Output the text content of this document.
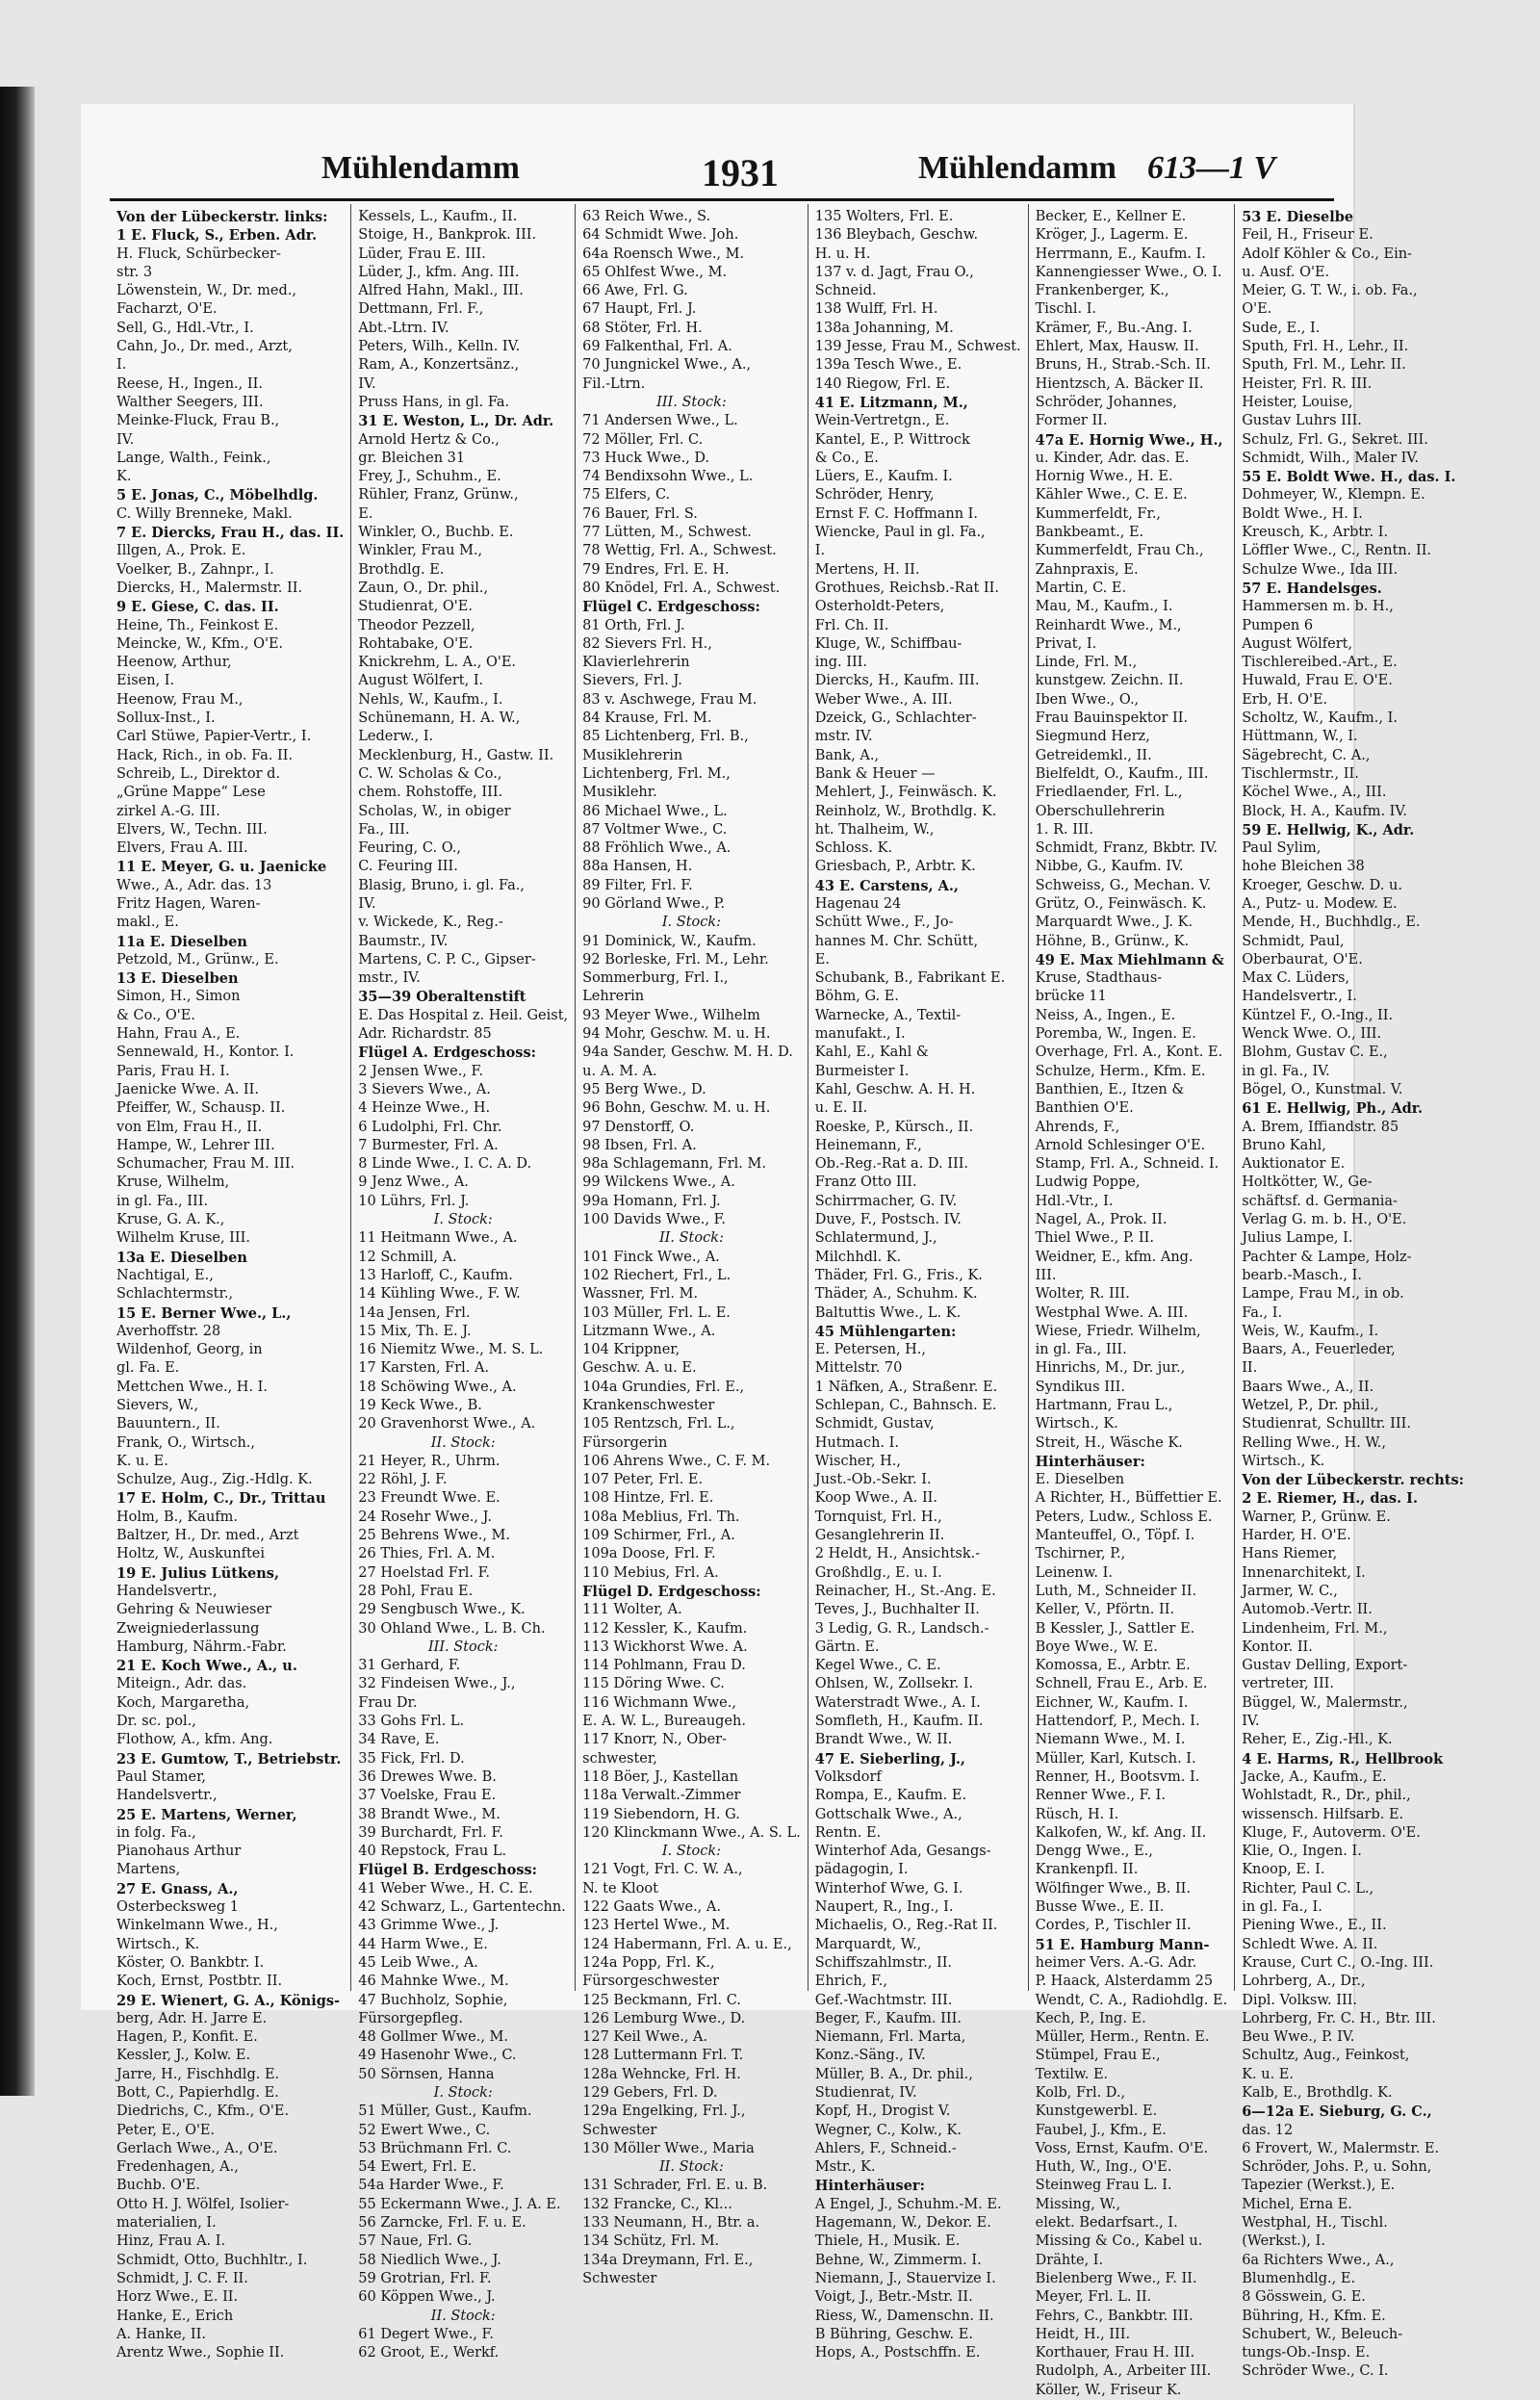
Mühlendamm	1931	Mühlendamm 613—1 V
Von der Lübeckerstr. links:
1 E. Fluck, S., Erben. Adr.
H. Fluck, Schürbecker-
str. 3
Löwenstein, W., Dr. med.,
Facharzt, O'E.
Sell, G., Hdl.-Vtr., I.
Cahn, Jo., Dr. med., Arzt,
I.
Reese, H., Ingen., II.
Walther Seegers, III.
Meinke-Fluck, Frau B.,
IV.
Lange, Walth., Feink.,
K.
5 E. Jonas, C., Möbelhdlg.
C. Willy Brenneke, Makl.
7 E. Diercks, Frau H., das. II.
Illgen, A., Prok. E.
Voelker, B., Zahnpr., I.
Diercks, H., Malermstr. II.
9 E. Giese, C. das. II.
Heine, Th., Feinkost E.
Meincke, W., Kfm., O'E.
Heenow, Arthur,
Eisen, I.
Heenow, Frau M.,
Sollux-Inst., I.
Carl Stüwe, Papier-Vertr., I.
Hack, Rich., in ob. Fa. II.
Schreib, L., Direktor d.
„Grüne Mappe“ Lese
zirkel A.-G. III.
Elvers, W., Techn. III.
Elvers, Frau A. III.
11 E. Meyer, G. u. Jaenicke
Wwe., A., Adr. das. 13
Fritz Hagen, Waren-
makl., E.
11a E. Dieselben
Petzold, M., Grünw., E.
13 E. Dieselben
Simon, H., Simon
& Co., O'E.
Hahn, Frau A., E.
Sennewald, H., Kontor. I.
Paris, Frau H. I.
Jaenicke Wwe. A. II.
Pfeiffer, W., Schausp. II.
von Elm, Frau H., II.
Hampe, W., Lehrer III.
Schumacher, Frau M. III.
Kruse, Wilhelm,
in gl. Fa., III.
Kruse, G. A. K.,
Wilhelm Kruse, III.
13a E. Dieselben
Nachtigal, E.,
Schlachtermstr.,
15 E. Berner Wwe., L.,
Averhoffstr. 28
Wildenhof, Georg, in
gl. Fa. E.
Mettchen Wwe., H. I.
Sievers, W.,
Bauuntern., II.
Frank, O., Wirtsch.,
K. u. E.
Schulze, Aug., Zig.-Hdlg. K.
17 E. Holm, C., Dr., Trittau
Holm, B., Kaufm.
Baltzer, H., Dr. med., Arzt
Holtz, W., Auskunftei
19 E. Julius Lütkens,
Handelsvertr.,
Gehring & Neuwieser
Zweigniederlassung
Hamburg, Nährm.-Fabr.
21 E. Koch Wwe., A., u.
Miteign., Adr. das.
Koch, Margaretha,
Dr. sc. pol.,
Flothow, A., kfm. Ang.
23 E. Gumtow, T., Betriebstr.
Paul Stamer,
Handelsvertr.,
25 E. Martens, Werner,
in folg. Fa.,
Pianohaus Arthur
Martens,
27 E. Gnass, A.,
Osterbecksweg 1
Winkelmann Wwe., H.,
Wirtsch., K.
Köster, O. Bankbtr. I.
Koch, Ernst, Postbtr. II.
29 E. Wienert, G. A., Königs-
berg, Adr. H. Jarre E.
Hagen, P., Konfit. E.
Kessler, J., Kolw. E.
Jarre, H., Fischhdlg. E.
Bott, C., Papierhdlg. E.
Diedrichs, C., Kfm., O'E.
Peter, E., O'E.
Gerlach Wwe., A., O'E.
Fredenhagen, A.,
Buchb. O'E.
Otto H. J. Wölfel, Isolier-
materialien, I.
Hinz, Frau A. I.
Schmidt, Otto, Buchhltr., I.
Schmidt, J. C. F. II.
Horz Wwe., E. II.
Hanke, E., Erich
A. Hanke, II.
Arentz Wwe., Sophie II.
Kessels, L., Kaufm., II.
Stoige, H., Bankprok. III.
Lüder, Frau E. III.
Lüder, J., kfm. Ang. III.
Alfred Hahn, Makl., III.
Dettmann, Frl. F.,
Abt.-Ltrn. IV.
Peters, Wilh., Kelln. IV.
Ram, A., Konzertsänz.,
IV.
Pruss Hans, in gl. Fa.
31 E. Weston, L., Dr. Adr.
Arnold Hertz & Co.,
gr. Bleichen 31
Frey, J., Schuhm., E.
Rühler, Franz, Grünw.,
E.
Winkler, O., Buchb. E.
Winkler, Frau M.,
Brothdlg. E.
Zaun, O., Dr. phil.,
Studienrat, O'E.
Theodor Pezzell,
Rohtabake, O'E.
Knickrehm, L. A., O'E.
August Wölfert, I.
Nehls, W., Kaufm., I.
Schünemann, H. A. W.,
Lederw., I.
Mecklenburg, H., Gastw. II.
C. W. Scholas & Co.,
chem. Rohstoffe, III.
Scholas, W., in obiger
Fa., III.
Feuring, C. O.,
C. Feuring III.
Blasig, Bruno, i. gl. Fa.,
IV.
v. Wickede, K., Reg.-
Baumstr., IV.
Martens, C. P. C., Gipser-
mstr., IV.
35—39 Oberaltenstift
E. Das Hospital z. Heil. Geist,
Adr. Richardstr. 85
Flügel A. Erdgeschoss:
2 Jensen Wwe., F.
3 Sievers Wwe., A.
4 Heinze Wwe., H.
6 Ludolphi, Frl. Chr.
7 Burmester, Frl. A.
8 Linde Wwe., I. C. A. D.
9 Jenz Wwe., A.
10 Lührs, Frl. J.
I. Stock:
11 Heitmann Wwe., A.
12 Schmill, A.
13 Harloff, C., Kaufm.
14 Kühling Wwe., F. W.
14a Jensen, Frl.
15 Mix, Th. E. J.
16 Niemitz Wwe., M. S. L.
17 Karsten, Frl. A.
18 Schöwing Wwe., A.
19 Keck Wwe., B.
20 Gravenhorst Wwe., A.
II. Stock:
21 Heyer, R., Uhrm.
22 Röhl, J. F.
23 Freundt Wwe. E.
24 Rosehr Wwe., J.
25 Behrens Wwe., M.
26 Thies, Frl. A. M.
27 Hoelstad Frl. F.
28 Pohl, Frau E.
29 Sengbusch Wwe., K.
30 Ohland Wwe., L. B. Ch.
III. Stock:
31 Gerhard, F.
32 Findeisen Wwe., J.,
Frau Dr.
33 Gohs Frl. L.
34 Rave, E.
35 Fick, Frl. D.
36 Drewes Wwe. B.
37 Voelske, Frau E.
38 Brandt Wwe., M.
39 Burchardt, Frl. F.
40 Repstock, Frau L.
Flügel B. Erdgeschoss:
41 Weber Wwe., H. C. E.
42 Schwarz, L., Gartentechn.
43 Grimme Wwe., J.
44 Harm Wwe., E.
45 Leib Wwe., A.
46 Mahnke Wwe., M.
47 Buchholz, Sophie,
Fürsorgepfleg.
48 Gollmer Wwe., M.
49 Hasenohr Wwe., C.
50 Sörnsen, Hanna
I. Stock:
51 Müller, Gust., Kaufm.
52 Ewert Wwe., C.
53 Brüchmann Frl. C.
54 Ewert, Frl. E.
54a Harder Wwe., F.
55 Eckermann Wwe., J. A. E.
56 Zarncke, Frl. F. u. E.
57 Naue, Frl. G.
58 Niedlich Wwe., J.
59 Grotrian, Frl. F.
60 Köppen Wwe., J.
II. Stock:
61 Degert Wwe., F.
62 Groot, E., Werkf.
63 Reich Wwe., S.
64 Schmidt Wwe. Joh.
64a Roensch Wwe., M.
65 Ohlfest Wwe., M.
66 Awe, Frl. G.
67 Haupt, Frl. J.
68 Stöter, Frl. H.
69 Falkenthal, Frl. A.
70 Jungnickel Wwe., A.,
Fil.-Ltrn.
III. Stock:
71 Andersen Wwe., L.
72 Möller, Frl. C.
73 Huck Wwe., D.
74 Bendixsohn Wwe., L.
75 Elfers, C.
76 Bauer, Frl. S.
77 Lütten, M., Schwest.
78 Wettig, Frl. A., Schwest.
79 Endres, Frl. E. H.
80 Knödel, Frl. A., Schwest.
Flügel C. Erdgeschoss:
81 Orth, Frl. J.
82 Sievers Frl. H.,
Klavierlehrerin
Sievers, Frl. J.
83 v. Aschwege, Frau M.
84 Krause, Frl. M.
85 Lichtenberg, Frl. B.,
Musiklehrerin
Lichtenberg, Frl. M.,
Musiklehr.
86 Michael Wwe., L.
87 Voltmer Wwe., C.
88 Fröhlich Wwe., A.
88a Hansen, H.
89 Filter, Frl. F.
90 Görland Wwe., P.
I. Stock:
91 Dominick, W., Kaufm.
92 Borleske, Frl. M., Lehr.
Sommerburg, Frl. I.,
Lehrerin
93 Meyer Wwe., Wilhelm
94 Mohr, Geschw. M. u. H.
94a Sander, Geschw. M. H. D.
u. A. M. A.
95 Berg Wwe., D.
96 Bohn, Geschw. M. u. H.
97 Denstorff, O.
98 Ibsen, Frl. A.
98a Schlagemann, Frl. M.
99 Wilckens Wwe., A.
99a Homann, Frl. J.
100 Davids Wwe., F.
II. Stock:
101 Finck Wwe., A.
102 Riechert, Frl., L.
Wassner, Frl. M.
103 Müller, Frl. L. E.
Litzmann Wwe., A.
104 Krippner,
Geschw. A. u. E.
104a Grundies, Frl. E.,
Krankenschwester
105 Rentzsch, Frl. L.,
Fürsorgerin
106 Ahrens Wwe., C. F. M.
107 Peter, Frl. E.
108 Hintze, Frl. E.
108a Meblius, Frl. Th.
109 Schirmer, Frl., A.
109a Doose, Frl. F.
110 Mebius, Frl. A.
Flügel D. Erdgeschoss:
111 Wolter, A.
112 Kessler, K., Kaufm.
113 Wickhorst Wwe. A.
114 Pohlmann, Frau D.
115 Döring Wwe. C.
116 Wichmann Wwe.,
E. A. W. L., Bureaugeh.
117 Knorr, N., Ober-
schwester,
118 Böer, J., Kastellan
118a Verwalt.-Zimmer
119 Siebendorn, H. G.
120 Klinckmann Wwe., A. S. L.
I. Stock:
121 Vogt, Frl. C. W. A.,
N. te Kloot
122 Gaats Wwe., A.
123 Hertel Wwe., M.
124 Habermann, Frl. A. u. E.,
124a Popp, Frl. K.,
Fürsorgeschwester
125 Beckmann, Frl. C.
126 Lemburg Wwe., D.
127 Keil Wwe., A.
128 Luttermann Frl. T.
128a Wehncke, Frl. H.
129 Gebers, Frl. D.
129a Engelking, Frl. J.,
Schwester
130 Möller Wwe., Maria
II. Stock:
131 Schrader, Frl. E. u. B.
132 Francke, C., Kl...
133 Neumann, H., Btr. a.
134 Schütz, Frl. M.
134a Dreymann, Frl. E.,
Schwester
135 Wolters, Frl. E.
136 Bleybach, Geschw.
H. u. H.
137 v. d. Jagt, Frau O.,
Schneid.
138 Wulff, Frl. H.
138a Johanning, M.
139 Jesse, Frau M., Schwest.
139a Tesch Wwe., E.
140 Riegow, Frl. E.
41 E. Litzmann, M.,
Wein-Vertretgn., E.
Kantel, E., P. Wittrock
& Co., E.
Lüers, E., Kaufm. I.
Schröder, Henry,
Ernst F. C. Hoffmann I.
Wiencke, Paul in gl. Fa.,
I.
Mertens, H. II.
Grothues, Reichsb.-Rat II.
Osterholdt-Peters,
Frl. Ch. II.
Kluge, W., Schiffbau-
ing. III.
Diercks, H., Kaufm. III.
Weber Wwe., A. III.
Dzeick, G., Schlachter-
mstr. IV.
Bank, A.,
Bank & Heuer —
Mehlert, J., Feinwäsch. K.
Reinholz, W., Brothdlg. K.
ht. Thalheim, W.,
Schloss. K.
Griesbach, P., Arbtr. K.
43 E. Carstens, A.,
Hagenau 24
Schütt Wwe., F., Jo-
hannes M. Chr. Schütt,
E.
Schubank, B., Fabrikant E.
Böhm, G. E.
Warnecke, A., Textil-
manufakt., I.
Kahl, E., Kahl &
Burmeister I.
Kahl, Geschw. A. H. H.
u. E. II.
Roeske, P., Kürsch., II.
Heinemann, F.,
Ob.-Reg.-Rat a. D. III.
Franz Otto III.
Schirrmacher, G. IV.
Duve, F., Postsch. IV.
Schlatermund, J.,
Milchhdl. K.
Thäder, Frl. G., Fris., K.
Thäder, A., Schuhm. K.
Baltuttis Wwe., L. K.
45 Mühlengarten:
E. Petersen, H.,
Mittelstr. 70
1 Näfken, A., Straßenr. E.
Schlepan, C., Bahnsch. E.
Schmidt, Gustav,
Hutmach. I.
Wischer, H.,
Just.-Ob.-Sekr. I.
Koop Wwe., A. II.
Tornquist, Frl. H.,
Gesanglehrerin II.
2 Heldt, H., Ansichtsk.-
Großhdlg., E. u. I.
Reinacher, H., St.-Ang. E.
Teves, J., Buchhalter II.
3 Ledig, G. R., Landsch.-
Gärtn. E.
Kegel Wwe., C. E.
Ohlsen, W., Zollsekr. I.
Waterstradt Wwe., A. I.
Somfleth, H., Kaufm. II.
Brandt Wwe., W. II.
47 E. Sieberling, J.,
Volksdorf
Rompa, E., Kaufm. E.
Gottschalk Wwe., A.,
Rentn. E.
Winterhof Ada, Gesangs-
pädagogin, I.
Winterhof Wwe, G. I.
Naupert, R., Ing., I.
Michaelis, O., Reg.-Rat II.
Marquardt, W.,
Schiffszahlmstr., II.
Ehrich, F.,
Gef.-Wachtmstr. III.
Beger, F., Kaufm. III.
Niemann, Frl. Marta,
Konz.-Säng., IV.
Müller, B. A., Dr. phil.,
Studienrat, IV.
Kopf, H., Drogist V.
Wegner, C., Kolw., K.
Ahlers, F., Schneid.-
Mstr., K.
Hinterhäuser:
A Engel, J., Schuhm.-M. E.
Hagemann, W., Dekor. E.
Thiele, H., Musik. E.
Behne, W., Zimmerm. I.
Niemann, J., Stauervize I.
Voigt, J., Betr.-Mstr. II.
Riess, W., Damenschn. II.
B Bühring, Geschw. E.
Hops, A., Postschffn. E.
Becker, E., Kellner E.
Kröger, J., Lagerm. E.
Herrmann, E., Kaufm. I.
Kannengiesser Wwe., O. I.
Frankenberger, K.,
Tischl. I.
Krämer, F., Bu.-Ang. I.
Ehlert, Max, Hausw. II.
Bruns, H., Strab.-Sch. II.
Hientzsch, A. Bäcker II.
Schröder, Johannes,
Former II.
47a E. Hornig Wwe., H.,
u. Kinder, Adr. das. E.
Hornig Wwe., H. E.
Kähler Wwe., C. E. E.
Kummerfeldt, Fr.,
Bankbeamt., E.
Kummerfeldt, Frau Ch.,
Zahnpraxis, E.
Martin, C. E.
Mau, M., Kaufm., I.
Reinhardt Wwe., M.,
Privat, I.
Linde, Frl. M.,
kunstgew. Zeichn. II.
Iben Wwe., O.,
Frau Bauinspektor II.
Siegmund Herz,
Getreidemkl., II.
Bielfeldt, O., Kaufm., III.
Friedlaender, Frl. L.,
Oberschullehrerin
1. R. III.
Schmidt, Franz, Bkbtr. IV.
Nibbe, G., Kaufm. IV.
Schweiss, G., Mechan. V.
Grütz, O., Feinwäsch. K.
Marquardt Wwe., J. K.
Höhne, B., Grünw., K.
49 E. Max Miehlmann &
Kruse, Stadthaus-
brücke 11
Neiss, A., Ingen., E.
Poremba, W., Ingen. E.
Overhage, Frl. A., Kont. E.
Schulze, Herm., Kfm. E.
Banthien, E., Itzen &
Banthien O'E.
Ahrends, F.,
Arnold Schlesinger O'E.
Stamp, Frl. A., Schneid. I.
Ludwig Poppe,
Hdl.-Vtr., I.
Nagel, A., Prok. II.
Thiel Wwe., P. II.
Weidner, E., kfm. Ang.
III.
Wolter, R. III.
Westphal Wwe. A. III.
Wiese, Friedr. Wilhelm,
in gl. Fa., III.
Hinrichs, M., Dr. jur.,
Syndikus III.
Hartmann, Frau L.,
Wirtsch., K.
Streit, H., Wäsche K.
Hinterhäuser:
E. Dieselben
A Richter, H., Büffettier E.
Peters, Ludw., Schloss E.
Manteuffel, O., Töpf. I.
Tschirner, P.,
Leinenw. I.
Luth, M., Schneider II.
Keller, V., Pförtn. II.
B Kessler, J., Sattler E.
Boye Wwe., W. E.
Komossa, E., Arbtr. E.
Schnell, Frau E., Arb. E.
Eichner, W., Kaufm. I.
Hattendorf, P., Mech. I.
Niemann Wwe., M. I.
Müller, Karl, Kutsch. I.
Renner, H., Bootsvm. I.
Renner Wwe., F. I.
Rüsch, H. I.
Kalkofen, W., kf. Ang. II.
Dengg Wwe., E.,
Krankenpfl. II.
Wölfinger Wwe., B. II.
Busse Wwe., E. II.
Cordes, P., Tischler II.
51 E. Hamburg Mann-
heimer Vers. A.-G. Adr.
P. Haack, Alsterdamm 25
Wendt, C. A., Radiohdlg. E.
Kech, P., Ing. E.
Müller, Herm., Rentn. E.
Stümpel, Frau E.,
Textilw. E.
Kolb, Frl. D.,
Kunstgewerbl. E.
Faubel, J., Kfm., E.
Voss, Ernst, Kaufm. O'E.
Huth, W., Ing., O'E.
Steinweg Frau L. I.
Missing, W.,
elekt. Bedarfsart., I.
Missing & Co., Kabel u.
Drähte, I.
Bielenberg Wwe., F. II.
Meyer, Frl. L. II.
Fehrs, C., Bankbtr. III.
Heidt, H., III.
Korthauer, Frau H. III.
Rudolph, A., Arbeiter III.
Köller, W., Friseur K.
53 E. Dieselbe
Feil, H., Friseur E.
Adolf Köhler & Co., Ein-
u. Ausf. O'E.
Meier, G. T. W., i. ob. Fa.,
O'E.
Sude, E., I.
Sputh, Frl. H., Lehr., II.
Sputh, Frl. M., Lehr. II.
Heister, Frl. R. III.
Heister, Louise,
Gustav Luhrs III.
Schulz, Frl. G., Sekret. III.
Schmidt, Wilh., Maler IV.
55 E. Boldt Wwe. H., das. I.
Dohmeyer, W., Klempn. E.
Boldt Wwe., H. I.
Kreusch, K., Arbtr. I.
Löffler Wwe., C., Rentn. II.
Schulze Wwe., Ida III.
57 E. Handelsges.
Hammersen m. b. H.,
Pumpen 6
August Wölfert,
Tischlereibed.-Art., E.
Huwald, Frau E. O'E.
Erb, H. O'E.
Scholtz, W., Kaufm., I.
Hüttmann, W., I.
Sägebrecht, C. A.,
Tischlermstr., II.
Köchel Wwe., A., III.
Block, H. A., Kaufm. IV.
59 E. Hellwig, K., Adr.
Paul Sylim,
hohe Bleichen 38
Kroeger, Geschw. D. u.
A., Putz- u. Modew. E.
Mende, H., Buchhdlg., E.
Schmidt, Paul,
Oberbaurat, O'E.
Max C. Lüders,
Handelsvertr., I.
Küntzel F., O.-Ing., II.
Wenck Wwe. O., III.
Blohm, Gustav C. E.,
in gl. Fa., IV.
Bögel, O., Kunstmal. V.
61 E. Hellwig, Ph., Adr.
A. Brem, Iffiandstr. 85
Bruno Kahl,
Auktionator E.
Holtkötter, W., Ge-
schäftsf. d. Germania-
Verlag G. m. b. H., O'E.
Julius Lampe, I.
Pachter & Lampe, Holz-
bearb.-Masch., I.
Lampe, Frau M., in ob.
Fa., I.
Weis, W., Kaufm., I.
Baars, A., Feuerleder,
II.
Baars Wwe., A., II.
Wetzel, P., Dr. phil.,
Studienrat, Schulltr. III.
Relling Wwe., H. W.,
Wirtsch., K.
Von der Lübeckerstr. rechts:
2 E. Riemer, H., das. I.
Warner, P., Grünw. E.
Harder, H. O'E.
Hans Riemer,
Innenarchitekt, I.
Jarmer, W. C.,
Automob.-Vertr. II.
Lindenheim, Frl. M.,
Kontor. II.
Gustav Delling, Export-
vertreter, III.
Büggel, W., Malermstr.,
IV.
Reher, E., Zig.-Hl., K.
4 E. Harms, R., Hellbrook
Jacke, A., Kaufm., E.
Wohlstadt, R., Dr., phil.,
wissensch. Hilfsarb. E.
Kluge, F., Autoverm. O'E.
Klie, O., Ingen. I.
Knoop, E. I.
Richter, Paul C. L.,
in gl. Fa., I.
Piening Wwe., E., II.
Schledt Wwe. A. II.
Krause, Curt C., O.-Ing. III.
Lohrberg, A., Dr.,
Dipl. Volksw. III.
Lohrberg, Fr. C. H., Btr. III.
Beu Wwe., P. IV.
Schultz, Aug., Feinkost,
K. u. E.
Kalb, E., Brothdlg. K.
6—12a E. Sieburg, G. C.,
das. 12
6 Frovert, W., Malermstr. E.
Schröder, Johs. P., u. Sohn,
Tapezier (Werkst.), E.
Michel, Erna E.
Westphal, H., Tischl.
(Werkst.), I.
6a Richters Wwe., A.,
Blumenhdlg., E.
8 Gösswein, G. E.
Bühring, H., Kfm. E.
Schubert, W., Beleuch-
tungs-Ob.-Insp. E.
Schröder Wwe., C. I.
